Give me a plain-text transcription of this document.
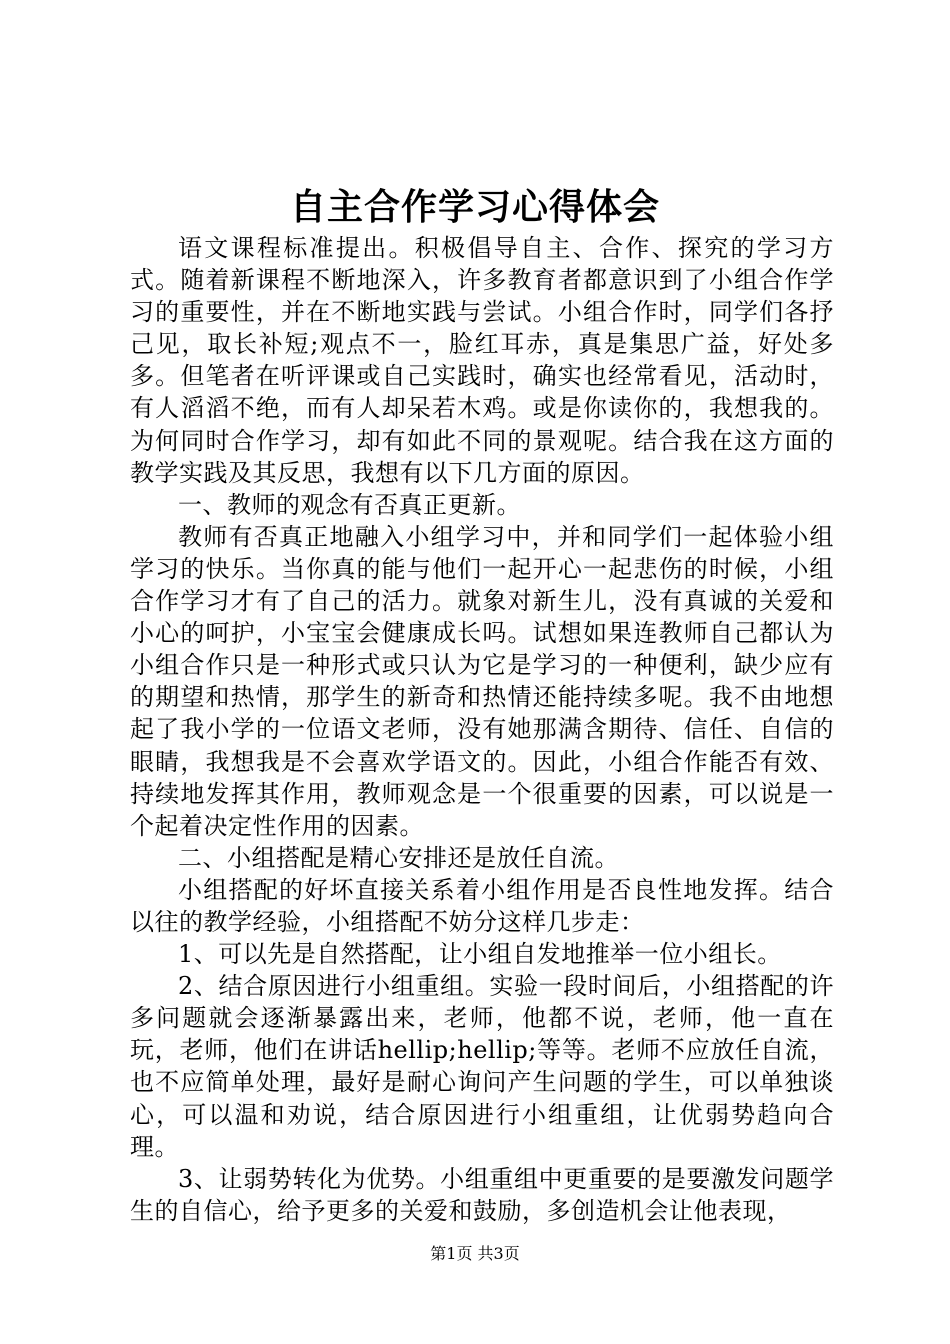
自主合作学习心得体会

语文课程标准提出。积极倡导自主、合作、探究的学习方式。随着新课程不断地深入，许多教育者都意识到了小组合作学习的重要性，并在不断地实践与尝试。小组合作时，同学们各抒己见，取长补短;观点不一，脸红耳赤，真是集思广益，好处多多。但笔者在听评课或自己实践时，确实也经常看见，活动时，有人滔滔不绝，而有人却呆若木鸡。或是你读你的，我想我的。为何同时合作学习，却有如此不同的景观呢。结合我在这方面的教学实践及其反思，我想有以下几方面的原因。

一、教师的观念有否真正更新。

教师有否真正地融入小组学习中，并和同学们一起体验小组学习的快乐。当你真的能与他们一起开心一起悲伤的时候，小组合作学习才有了自己的活力。就象对新生儿，没有真诚的关爱和小心的呵护，小宝宝会健康成长吗。试想如果连教师自己都认为小组合作只是一种形式或只认为它是学习的一种便利，缺少应有的期望和热情，那学生的新奇和热情还能持续多呢。我不由地想起了我小学的一位语文老师，没有她那满含期待、信任、自信的眼睛，我想我是不会喜欢学语文的。因此，小组合作能否有效、持续地发挥其作用，教师观念是一个很重要的因素，可以说是一个起着决定性作用的因素。

二、小组搭配是精心安排还是放任自流。

小组搭配的好坏直接关系着小组作用是否良性地发挥。结合以往的教学经验，小组搭配不妨分这样几步走：

1、可以先是自然搭配，让小组自发地推举一位小组长。

2、结合原因进行小组重组。实验一段时间后，小组搭配的许多问题就会逐渐暴露出来，老师，他都不说，老师，他一直在玩，老师，他们在讲话hellip;hellip;等等。老师不应放任自流，也不应简单处理，最好是耐心询问产生问题的学生，可以单独谈心，可以温和劝说，结合原因进行小组重组，让优弱势趋向合理。

3、让弱势转化为优势。小组重组中更重要的是要激发问题学生的自信心，给予更多的关爱和鼓励，多创造机会让他表现，

第1页 共3页
